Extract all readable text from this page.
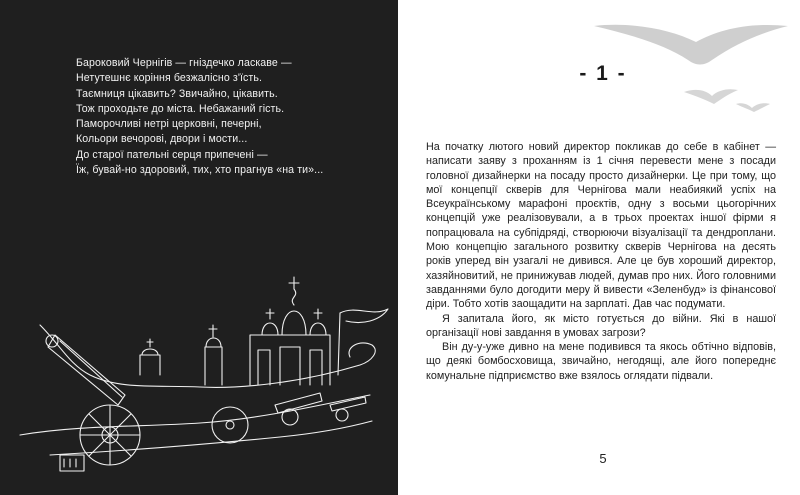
Бароковий Чернігів — гніздечко ласкаве —
Нетутешнє коріння безжалісно з'їсть.
Таємниця цікавить? Звичайно, цікавить.
Тож проходьте до міста. Небажаний гість.
Паморочливі нетрі церковні, печерні,
Кольори вечорові, двори і мости...
До старої пательні серця припечені —
Їж, бувай-но здоровий, тих, хто прагнув «на ти»...
- 1 -

На початку лютого новий директор покликав до себе в кабінет — написати заяву з проханням із 1 січня перевести мене з посади головної дизайнерки на посаду просто дизайнерки. Це при тому, що мої концепції скверів для Чернігова мали неабиякий успіх на Всеукраїнському марафоні проєктів, одну з восьми цьогорічних концепцій уже реалізовували, а в трьох проектах іншої фірми я попрацювала на субпідряді, створюючи візуалізації та дендроплани. Мою концепцію загального розвитку скверів Чернігова на десять років уперед він узагалі не дивився. Але це був хороший директор, хазяйновитий, не принижував людей, думав про них. Його головними завданнями було догодити меру й вивести «Зеленбуд» із фінансової діри. Тобто хотів заощадити на зарплаті. Дав час подумати.

Я запитала його, як місто готується до війни. Які в нашої організації нові завдання в умовах загрози?

Він ду-у-уже дивно на мене подивився та якось обтічно відповів, що деякі бомбосховища, звичайно, негодящі, але його попереднє комунальне підприємство вже взялось оглядати підвали.

5
